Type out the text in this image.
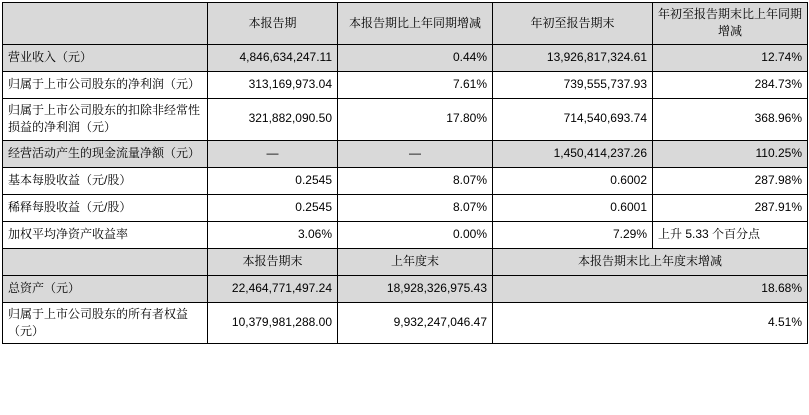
	本报告期	本报告期比上年同期增减	年初至报告期末	年初至报告期末比上年同期增减
营业收入（元）	4,846,634,247.11	0.44%	13,926,817,324.61	12.74%
归属于上市公司股东的净利润（元）	313,169,973.04	7.61%	739,555,737.93	284.73%
归属于上市公司股东的扣除非经常性损益的净利润（元）	321,882,090.50	17.80%	714,540,693.74	368.96%
经营活动产生的现金流量净额（元）	—	—	1,450,414,237.26	110.25%
基本每股收益（元/股）	0.2545	8.07%	0.6002	287.98%
稀释每股收益（元/股）	0.2545	8.07%	0.6001	287.91%
加权平均净资产收益率	3.06%	0.00%	7.29%	上升 5.33 个百分点
	本报告期末	上年度末	本报告期末比上年度末增减	
总资产（元）	22,464,771,497.24	18,928,326,975.43	18.68%	
归属于上市公司股东的所有者权益（元）	10,379,981,288.00	9,932,247,046.47	4.51%	
